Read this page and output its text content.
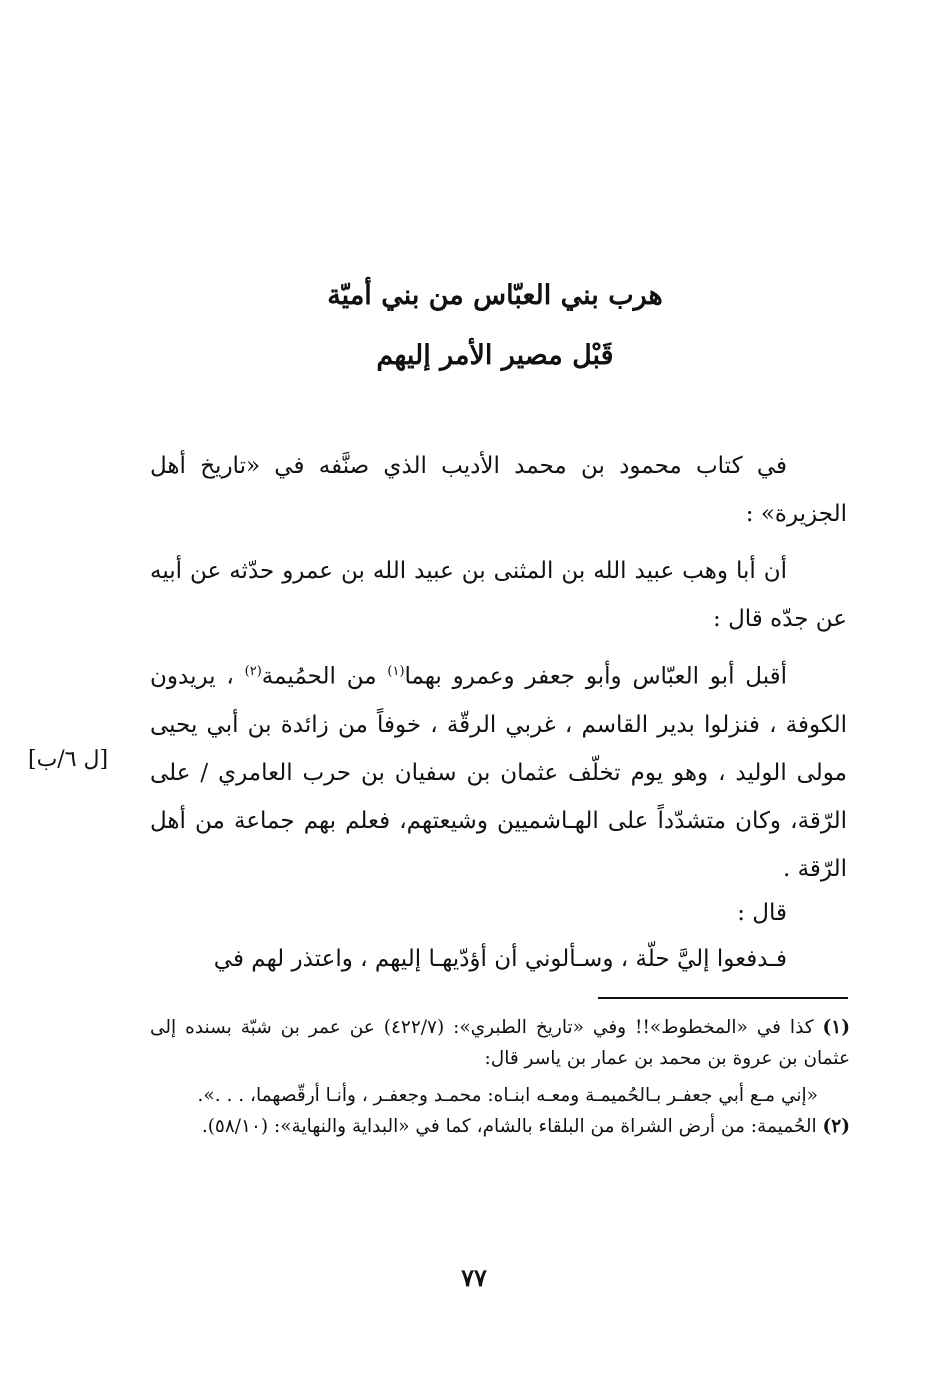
هرب بني العبّاس من بني أميّة
قَبْل مصير الأمر إليهم

في كتاب محمود بن محمد الأديب الذي صنَّفه في «تاريخ أهل الجزيرة» :

أن أبا وهب عبيد الله بن المثنى بن عبيد الله بن عمرو حدّثه عن أبيه عن جدّه قال :

أقبل أبو العبّاس وأبو جعفر وعمرو بهما$^{(١)}$ من الحمُيمة$^{(٢)}$ ، يريدون الكوفة ، فنزلوا بدير القاسم ، غربي الرقّة ، خوفاً من زائدة بن أبي يحيى مولى الوليد ، وهو يوم تخلّف عثمان بن سفيان بن حرب العامري / على الرّقة، وكان متشدّداً على الهـاشميين وشيعتهم، فعلم بهم جماعة من أهل الرّقة .

[ل ٦/ب]

قال :

فـدفعوا إليَّ حلّة ، وسـألوني أن أؤدّيهـا إليهم ، واعتذر لهم في

(١) كذا في «المخطوط»!! وفي «تاريخ الطبري»: (٤٢٢/٧) عن عمر بن شبّة بسنده إلى عثمان بن عروة بن محمد بن عمار بن ياسر قال:

«إني مـع أبي جعفـر بـالحُميمـة ومعـه ابنـاه: محمـد وجعفـر ، وأنـا أرقّصهما، . . .».

(٢) الحُميمة: من أرض الشراة من البلقاء بالشام، كما في «البداية والنهاية»: (٥٨/١٠).

٧٧
